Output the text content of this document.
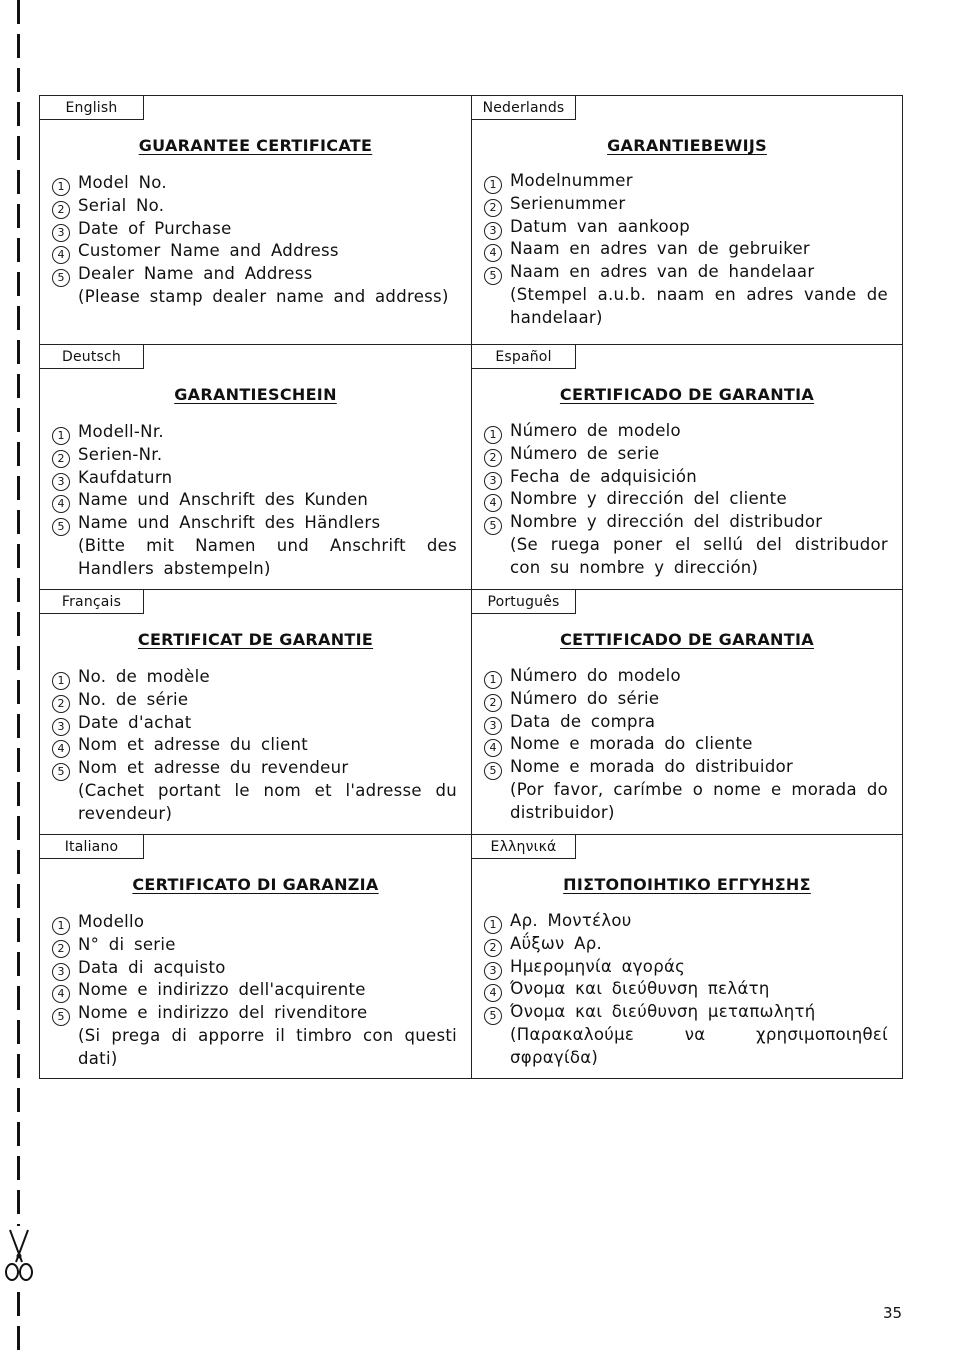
English
GUARANTEE CERTIFICATE
1 Model No.
2 Serial No.
3 Date of Purchase
4 Customer Name and Address
5 Dealer Name and Address
(Please stamp dealer name and address)
Nederlands
GARANTIEBEWIJS
1 Modelnummer
2 Serienummer
3 Datum van aankoop
4 Naam en adres van de gebruiker
5 Naam en adres van de handelaar
(Stempel a.u.b. naam en adres vande de handelaar)
Deutsch
GARANTIESCHEIN
1 Modell-Nr.
2 Serien-Nr.
3 Kaufdaturn
4 Name und Anschrift des Kunden
5 Name und Anschrift des Händlers
(Bitte mit Namen und Anschrift des Handlers abstempeln)
Español
CERTIFICADO DE GARANTIA
1 Número de modelo
2 Número de serie
3 Fecha de adquisición
4 Nombre y dirección del cliente
5 Nombre y dirección del distribudor
(Se ruega poner el sellú del distribudor con su nombre y dirección)
Français
CERTIFICAT DE GARANTIE
1 No. de modèle
2 No. de série
3 Date d'achat
4 Nom et adresse du client
5 Nom et adresse du revendeur
(Cachet portant le nom et l'adresse du revendeur)
Português
CETTIFICADO DE GARANTIA
1 Número do modelo
2 Número do série
3 Data de compra
4 Nome e morada do cliente
5 Nome e morada do distribuidor
(Por favor, carímbe o nome e morada do distribuidor)
Italiano
CERTIFICATO DI GARANZIA
1 Modello
2 N° di serie
3 Data di acquisto
4 Nome e indirizzo dell'acquirente
5 Nome e indirizzo del rivenditore
(Si prega di apporre il timbro con questi dati)
Ελληνικά
ΠΙΣΤΟΠΟΙΗΤΙΚΟ ΕΓΓΥΗΣΗΣ
1 Αρ. Μοντέλου
2 Αΰξων Αρ.
3 Ημερομηνία αγοράς
4 Όνομα και διεύθυνση πελάτη
5 Όνομα και διεύθυνση μεταπωλητή
(Παρακαλούμε να χρησιμοποιηθεί σφραγίδα)
35
